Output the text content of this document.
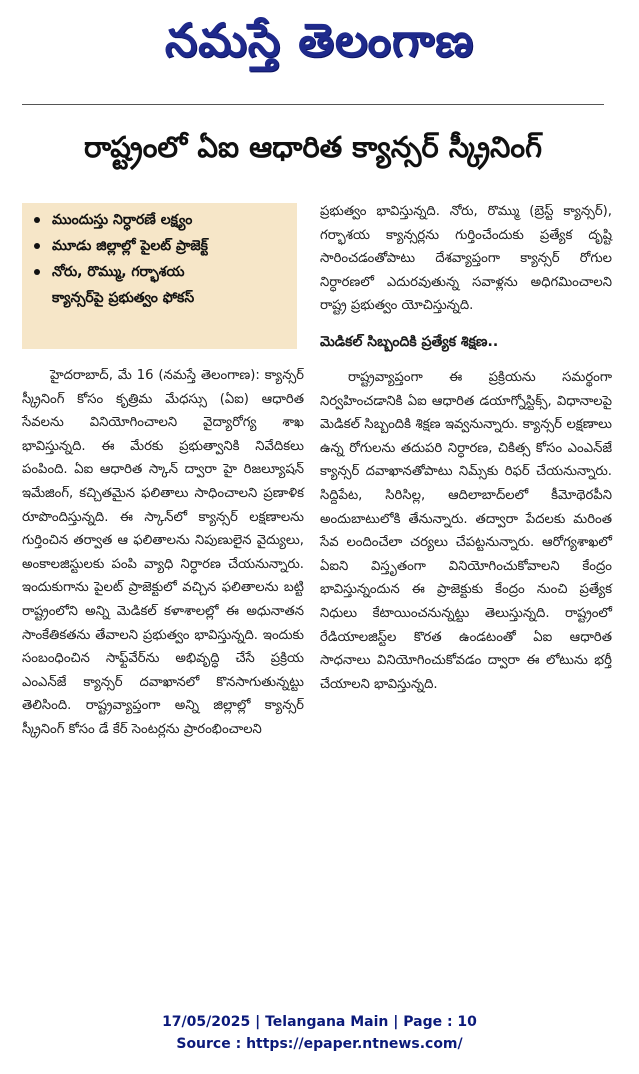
నమస్తే తెలంగాణ
రాష్ట్రంలో ఏఐ ఆధారిత క్యాన్సర్ స్క్రీనింగ్
ముందుస్తు నిర్ధారణే లక్ష్యం
మూడు జిల్లాల్లో పైలట్ ప్రాజెక్ట్
నోరు, రొమ్ము, గర్భాశయ
క్యాన్సర్‌పై ప్రభుత్వం ఫోకస్

హైదరాబాద్, మే 16 (నమస్తే తెలంగాణ): క్యాన్సర్ స్క్రీనింగ్ కోసం కృత్రిమ మేధస్సు (ఏఐ) ఆధారిత సేవలను వినియోగించాలని వైద్యారోగ్య శాఖ భావిస్తున్నది. ఈ మేరకు ప్రభుత్వానికి నివేదికలు పంపింది. ఏఐ ఆధారిత స్కాన్ ద్వారా హై రిజల్యూషన్ ఇమేజింగ్, కచ్చితమైన ఫలితాలు సాధించాలని ప్రణాళిక రూపొందిస్తున్నది. ఈ స్కాన్‌లో క్యాన్సర్ లక్షణాలను గుర్తించిన తర్వాత ఆ ఫలితాలను నిపుణులైన వైద్యులు, అంకాలజిస్టులకు పంపి వ్యాధి నిర్ధారణ చేయనున్నారు. ఇందుకుగాను పైలట్ ప్రాజెక్టులో వచ్చిన ఫలితాలను బట్టి రాష్ట్రంలోని అన్ని మెడికల్ కళాశాలల్లో ఈ అధునాతన సాంకేతికతను తేవాలని ప్రభుత్వం భావిస్తున్నది. ఇందుకు సంబంధించిన సాఫ్ట్‌వేర్‌ను అభివృద్ధి చేసే ప్రక్రియ ఎంఎన్‌జే క్యాన్సర్ దవాఖానలో కొనసాగుతున్నట్టు తెలిసింది. రాష్ట్రవ్యాప్తంగా అన్ని జిల్లాల్లో క్యాన్సర్ స్క్రీనింగ్ కోసం డే కేర్ సెంటర్లను ప్రారంభించాలని

ప్రభుత్వం భావిస్తున్నది. నోరు, రొమ్ము (బ్రెస్ట్ క్యాన్సర్), గర్భాశయ క్యాన్సర్లను గుర్తించేందుకు ప్రత్యేక దృష్టి సారించడంతోపాటు దేశవ్యాప్తంగా క్యాన్సర్ రోగుల నిర్ధారణలో ఎదురవుతున్న సవాళ్లను అధిగమించాలని రాష్ట్ర ప్రభుత్వం యోచిస్తున్నది.

మెడికల్ సిబ్బందికి ప్రత్యేక శిక్షణ..

రాష్ట్రవ్యాప్తంగా ఈ ప్రక్రియను సమర్థంగా నిర్వహించడానికి ఏఐ ఆధారిత డయాగ్నోస్టిక్స్, విధానాలపై మెడికల్ సిబ్బందికి శిక్షణ ఇవ్వనున్నారు. క్యాన్సర్ లక్షణాలు ఉన్న రోగులను తదుపరి నిర్ధారణ, చికిత్స కోసం ఎంఎన్‌జే క్యాన్సర్ దవాఖానతోపాటు నిమ్స్‌కు రిఫర్ చేయనున్నారు. సిద్దిపేట, సిరిసిల్ల, ఆదిలాబాద్‌లలో కీమోథెరపీని అందుబాటులోకి తేనున్నారు. తద్వారా పేదలకు మరింత సేవ లందించేలా చర్యలు చేపట్టనున్నారు. ఆరోగ్యశాఖలో ఏఐని విస్తృతంగా వినియోగించుకోవాలని కేంద్రం భావిస్తున్నందున ఈ ప్రాజెక్టుకు కేంద్రం నుంచి ప్రత్యేక నిధులు కేటాయించనున్నట్టు తెలుస్తున్నది. రాష్ట్రంలో రేడియాలజిస్ట్‌ల కొరత ఉండటంతో ఏఐ ఆధారిత సాధనాలు వినియోగించుకోవడం ద్వారా ఈ లోటును భర్తీ చేయాలని భావిస్తున్నది.

17/05/2025 | Telangana Main | Page : 10
Source : https://epaper.ntnews.com/
